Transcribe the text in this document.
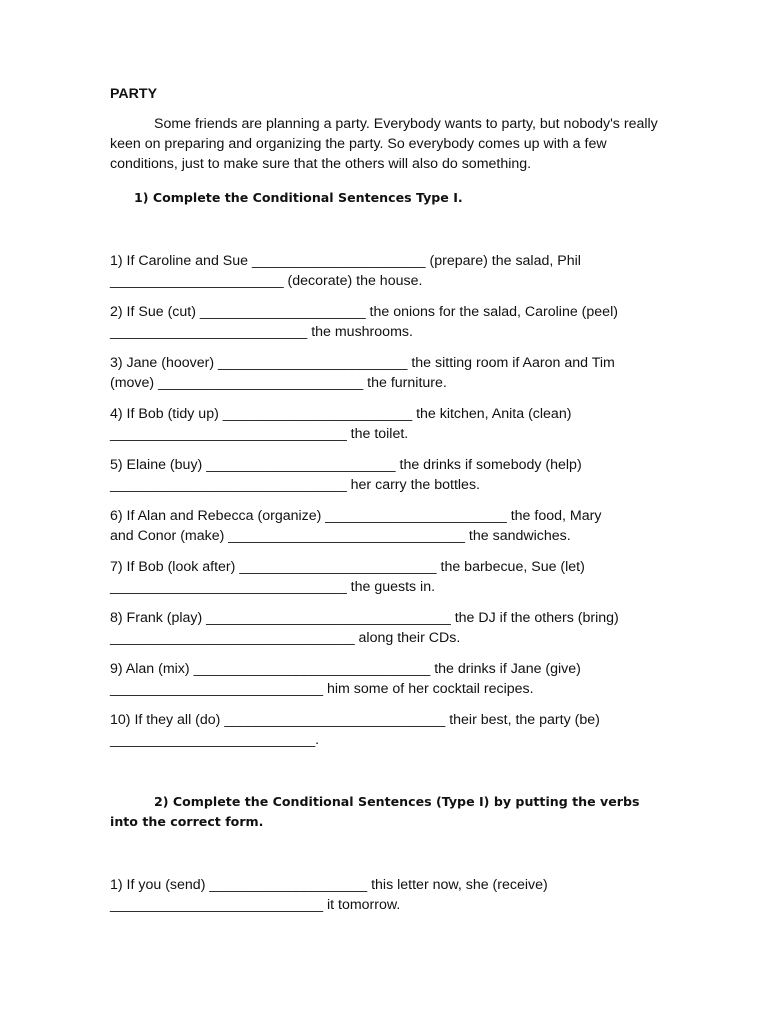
PARTY

Some friends are planning a party. Everybody wants to party, but nobody's really keen on preparing and organizing the party. So everybody comes up with a few conditions, just to make sure that the others will also do something.

1) Complete the Conditional Sentences Type I.
1) If Caroline and Sue ______________________ (prepare) the salad, Phil
______________________ (decorate) the house.
2) If Sue (cut) _____________________ the onions for the salad, Caroline (peel)
_________________________ the mushrooms.
3) Jane (hoover) ________________________ the sitting room if Aaron and Tim
(move) __________________________ the furniture.
4) If Bob (tidy up) ________________________ the kitchen, Anita (clean)
______________________________ the toilet.
5) Elaine (buy) ________________________ the drinks if somebody (help)
______________________________ her carry the bottles.
6) If Alan and Rebecca (organize) _______________________ the food, Mary
and Conor (make) ______________________________ the sandwiches.
7) If Bob (look after) _________________________ the barbecue, Sue (let)
______________________________ the guests in.
8) Frank (play) _______________________________ the DJ if the others (bring)
_______________________________ along their CDs.
9) Alan (mix) ______________________________ the drinks if Jane (give)
___________________________ him some of her cocktail recipes.
10) If they all (do) ____________________________ their best, the party (be)
__________________________.
2) Complete the Conditional Sentences (Type I) by putting the verbs into the correct form.
1) If you (send) ____________________ this letter now, she (receive)
___________________________ it tomorrow.
